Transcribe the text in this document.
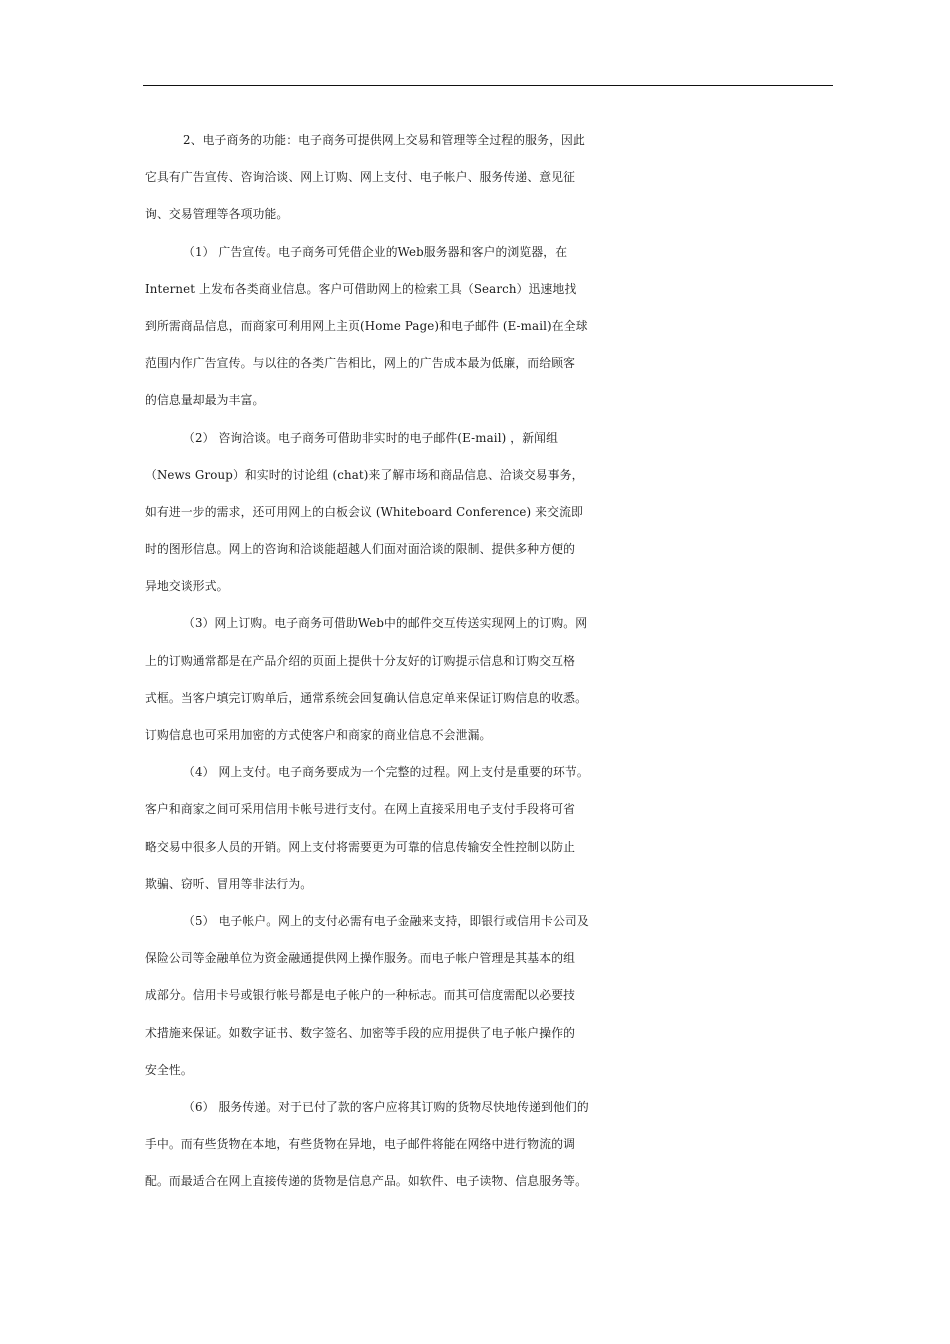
2、电子商务的功能：电子商务可提供网上交易和管理等全过程的服务，因此
它具有广告宣传、咨询洽谈、网上订购、网上支付、电子帐户、服务传递、意见征
询、交易管理等各项功能。
（1） 广告宣传。电子商务可凭借企业的Web服务器和客户的浏览器，在
Internet 上发布各类商业信息。客户可借助网上的检索工具（Search）迅速地找
到所需商品信息，而商家可利用网上主页(Home Page)和电子邮件 (E-mail)在全球
范围内作广告宣传。与以往的各类广告相比，网上的广告成本最为低廉，而给顾客
的信息量却最为丰富。
（2） 咨询洽谈。电子商务可借助非实时的电子邮件(E-mail) ，新闻组
（News Group）和实时的讨论组 (chat)来了解市场和商品信息、洽谈交易事务，
如有进一步的需求，还可用网上的白板会议 (Whiteboard Conference) 来交流即
时的图形信息。网上的咨询和洽谈能超越人们面对面洽谈的限制、提供多种方便的
异地交谈形式。
（3）网上订购。电子商务可借助Web中的邮件交互传送实现网上的订购。网
上的订购通常都是在产品介绍的页面上提供十分友好的订购提示信息和订购交互格
式框。当客户填完订购单后，通常系统会回复确认信息定单来保证订购信息的收悉。
订购信息也可采用加密的方式使客户和商家的商业信息不会泄漏。
（4） 网上支付。电子商务要成为一个完整的过程。网上支付是重要的环节。
客户和商家之间可采用信用卡帐号进行支付。在网上直接采用电子支付手段将可省
略交易中很多人员的开销。网上支付将需要更为可靠的信息传输安全性控制以防止
欺骗、窃听、冒用等非法行为。
（5） 电子帐户。网上的支付必需有电子金融来支持，即银行或信用卡公司及
保险公司等金融单位为资金融通提供网上操作服务。而电子帐户管理是其基本的组
成部分。信用卡号或银行帐号都是电子帐户的一种标志。而其可信度需配以必要技
术措施来保证。如数字证书、数字签名、加密等手段的应用提供了电子帐户操作的
安全性。
（6） 服务传递。对于已付了款的客户应将其订购的货物尽快地传递到他们的
手中。而有些货物在本地，有些货物在异地，电子邮件将能在网络中进行物流的调
配。而最适合在网上直接传递的货物是信息产品。如软件、电子读物、信息服务等。
